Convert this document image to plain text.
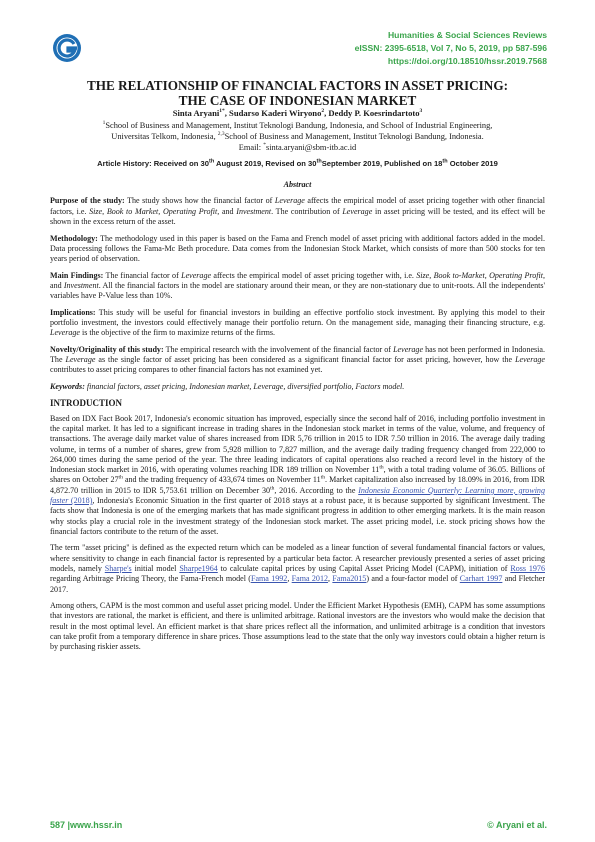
Humanities & Social Sciences Reviews
eISSN: 2395-6518, Vol 7, No 5, 2019, pp 587-596
https://doi.org/10.18510/hssr.2019.7568
THE RELATIONSHIP OF FINANCIAL FACTORS IN ASSET PRICING:
THE CASE OF INDONESIAN MARKET
Sinta Aryani$^{1*}$, Sudarso Kaderi Wiryono$^2$, Deddy P. Koesrindartoto$^3$
$^1$School of Business and Management, Institut Teknologi Bandung, Indonesia, and School of Industrial Engineering,
Universitas Telkom, Indonesia, $^{2,3}$School of Business and Management, Institut Teknologi Bandung, Indonesia.
Email: *sinta.aryani@sbm-itb.ac.id
Article History: Received on 30th August 2019, Revised on 30thSeptember 2019, Published on 18th October 2019

Abstract

Purpose of the study: The study shows how the financial factor of Leverage affects the empirical model of asset pricing together with other financial factors, i.e. Size, Book to Market, Operating Profit, and Investment. The contribution of Leverage in asset pricing will be tested, and its effect will be shown in the excess return of the asset.

Methodology: The methodology used in this paper is based on the Fama and French model of asset pricing with additional factors added in the model. Data processing follows the Fama-Mc Beth procedure. Data comes from the Indonesian Stock Market, which consists of more than 500 stocks for ten years period of observation.

Main Findings: The financial factor of Leverage affects the empirical model of asset pricing together with, i.e. Size, Book to-Market, Operating Profit, and Investment. All the financial factors in the model are stationary around their mean, or they are non-stationary due to unit-roots. All the independents' variables have P-Value less than 10%.

Implications: This study will be useful for financial investors in building an effective portfolio stock investment. By applying this model to their portfolio investment, the investors could effectively manage their portfolio return. On the management side, managing their financing structure, e.g. Leverage is the objective of the firm to maximize returns of the firms.

Novelty/Originality of this study: The empirical research with the involvement of the financial factor of Leverage has not been performed in Indonesia. The Leverage as the single factor of asset pricing has been considered as a significant financial factor for asset pricing, however, how the Leverage contributes to asset pricing compares to other financial factors has not examined yet.

Keywords: financial factors, asset pricing, Indonesian market, Leverage, diversified portfolio, Factors model.

INTRODUCTION

Based on IDX Fact Book 2017, Indonesia's economic situation has improved, especially since the second half of 2016, including portfolio investment in the capital market. It has led to a significant increase in trading shares in the Indonesian stock market in terms of the value, volume, and frequency of transactions. The average daily market value of shares increased from IDR 5,76 trillion in 2015 to IDR 7.50 trillion in 2016. The average daily trading volume, in terms of a number of shares, grew from 5,928 million to 7,827 million, and the average daily trading frequency changed from 222,000 to 264,000 times during the same period of the year. The three leading indicators of capital operations also reached a record level in the history of the Indonesian stock market in 2016, with operating volumes reaching IDR 189 trillion on November 11th, with a total trading volume of 36.05. Billions of shares on October 27th and the trading frequency of 433,674 times on November 11th. Market capitalization also increased by 18.09% in 2016, from IDR 4,872.70 trillion in 2015 to IDR 5,753.61 trillion on December 30th, 2016. According to the Indonesia Economic Quarterly: Learning more, growing faster (2018), Indonesia's Economic Situation in the first quarter of 2018 stays at a robust pace, it is because supported by significant Investment. The facts show that Indonesia is one of the emerging markets that has made significant progress in addition to other emerging markets. It is the main reason why stocks play a crucial role in the investment strategy of the Indonesian stock market. The asset pricing model, i.e. stock pricing shows how the financial factors contribute to the return of the asset.

The term "asset pricing" is defined as the expected return which can be modeled as a linear function of several fundamental financial factors or values, where sensitivity to change in each financial factor is represented by a particular beta factor. A researcher previously presented a series of asset pricing models, namely Sharpe's initial model Sharpe1964 to calculate capital prices by using Capital Asset Pricing Model (CAPM), initiation of Ross 1976 regarding Arbitrage Pricing Theory, the Fama-French model (Fama 1992, Fama 2012, Fama2015) and a four-factor model of Carhart 1997 and Fletcher 2017.

Among others, CAPM is the most common and useful asset pricing model. Under the Efficient Market Hypothesis (EMH), CAPM has some assumptions that investors are rational, the market is efficient, and there is unlimited arbitrage. Rational investors are the investors who would make the decision that result in the most optimal level. An efficient market is that share prices reflect all the information, and unlimited arbitrage is a condition that investors can take profit from a temporary difference in share prices. Those assumptions lead to the state that the only way investors could obtain a higher return is by purchasing riskier assets.

587 |www.hssr.in	© Aryani et al.
